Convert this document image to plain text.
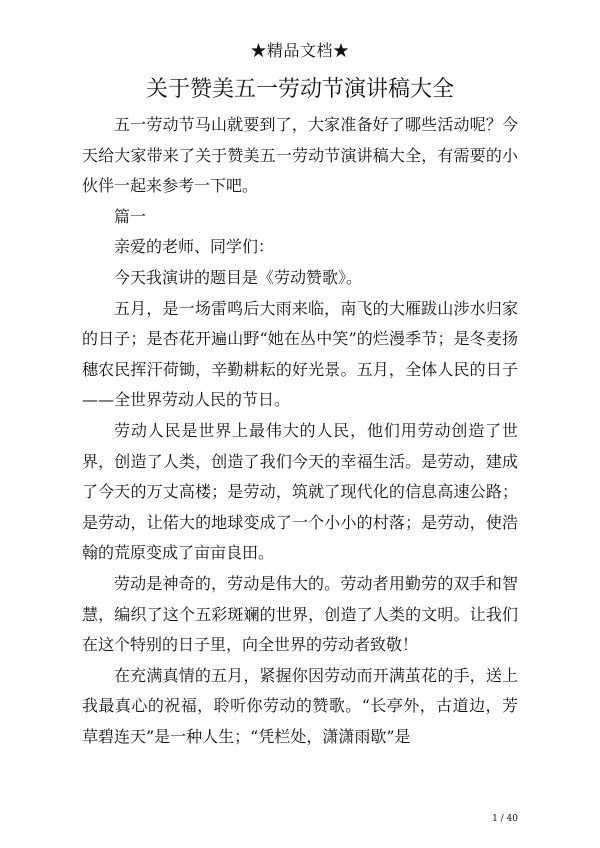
★精品文档★
关于赞美五一劳动节演讲稿大全

五一劳动节马山就要到了，大家准备好了哪些活动呢？今天给大家带来了关于赞美五一劳动节演讲稿大全，有需要的小伙伴一起来参考一下吧。

篇一

亲爱的老师、同学们：

今天我演讲的题目是《劳动赞歌》。

五月，是一场雷鸣后大雨来临，南飞的大雁跋山涉水归家的日子；是杏花开遍山野“她在丛中笑”的烂漫季节；是冬麦扬穗农民挥汗荷锄，辛勤耕耘的好光景。五月，全体人民的日子——全世界劳动人民的节日。

劳动人民是世界上最伟大的人民，他们用劳动创造了世界，创造了人类，创造了我们今天的幸福生活。是劳动，建成了今天的万丈高楼；是劳动，筑就了现代化的信息高速公路；是劳动，让偌大的地球变成了一个小小的村落；是劳动，使浩翰的荒原变成了亩亩良田。

劳动是神奇的，劳动是伟大的。劳动者用勤劳的双手和智慧，编织了这个五彩斑斓的世界，创造了人类的文明。让我们在这个特别的日子里，向全世界的劳动者致敬！

在充满真情的五月，紧握你因劳动而开满茧花的手，送上我最真心的祝福，聆听你劳动的赞歌。“长亭外，古道边，芳草碧连天”是一种人生；“凭栏处，潇潇雨歇”是

1 / 40
